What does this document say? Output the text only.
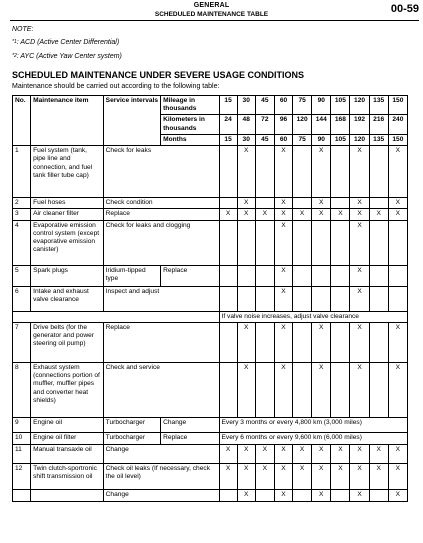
GENERAL
SCHEDULED MAINTENANCE TABLE	00-59
NOTE:
$^{*1}$: ACD (Active Center Differential)
$^{*2}$: AYC (Active Yaw Center system)
SCHEDULED MAINTENANCE UNDER SEVERE USAGE CONDITIONS
Maintenance should be carried out according to the following table:
No.	Maintenance item	Service intervals	Mileage in thousands	15	30	45	60	75	90	105	120	135	150
			Kilometers in thousands	24	48	72	96	120	144	168	192	216	240
			Months	15	30	45	60	75	90	105	120	135	150
1	Fuel system (tank, pipe line and connection, and fuel tank filler tube cap)	Check for leaks			X		X		X		X		X
2	Fuel hoses	Check condition			X		X		X		X		X
3	Air cleaner filter	Replace		X	X	X	X	X	X	X	X	X	X
4	Evaporative emission control system (except evaporative emission canister)	Check for leaks and clogging					X				X		
5	Spark plugs	Iridium-tipped type	Replace				X				X		
6	Intake and exhaust valve clearance	Inspect and adjust					X				X		
				If valve noise increases, adjust valve clearance									
7	Drive belts (for the generator and power steering oil pump)	Replace			X		X		X		X		X
8	Exhaust system (connections portion of muffler, muffler pipes and converter heat shields)	Check and service			X		X		X		X		X
9	Engine oil	Turbocharger	Change	Every 3 months or every 4,800 km (3,000 miles)									
10	Engine oil filter	Turbocharger	Replace	Every 6 months or every 9,600 km (6,000 miles)									
11	Manual transaxle oil	Change		X	X	X	X	X	X	X	X	X	X
12	Twin clutch-sportronic shift transmission oil	Check oil leaks (If necessary, check the oil level)		X	X	X	X	X	X	X	X	X	X
		Change			X		X		X		X		X
